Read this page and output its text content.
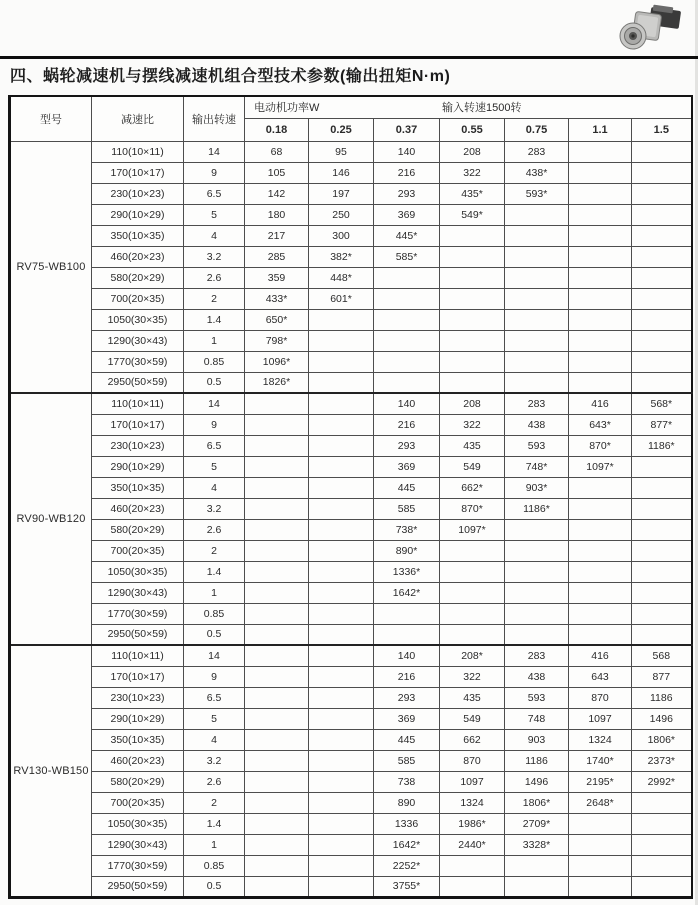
四、蜗轮减速机与摆线减速机组合型技术参数(输出扭矩N·m)
型号	减速比	输出转速	电动机功率W 输入转速1500转						

			0.18	0.25	0.37	0.55	0.75	1.1	1.5
RV75-WB100	110(10×11)	14	68	95	140	208	283		
	170(10×17)	9	105	146	216	322	438*		
	230(10×23)	6.5	142	197	293	435*	593*		
	290(10×29)	5	180	250	369	549*			
	350(10×35)	4	217	300	445*				
	460(20×23)	3.2	285	382*	585*				
	580(20×29)	2.6	359	448*					
	700(20×35)	2	433*	601*					
	1050(30×35)	1.4	650*						
	1290(30×43)	1	798*						
	1770(30×59)	0.85	1096*						
	2950(50×59)	0.5	1826*						
RV90-WB120	110(10×11)	14			140	208	283	416	568*
	170(10×17)	9			216	322	438	643*	877*
	230(10×23)	6.5			293	435	593	870*	1186*
	290(10×29)	5			369	549	748*	1097*	
	350(10×35)	4			445	662*	903*		
	460(20×23)	3.2			585	870*	1186*		
	580(20×29)	2.6			738*	1097*			
	700(20×35)	2			890*				
	1050(30×35)	1.4			1336*				
	1290(30×43)	1			1642*				
	1770(30×59)	0.85							
	2950(50×59)	0.5							
RV130-WB150	110(10×11)	14			140	208*	283	416	568
	170(10×17)	9			216	322	438	643	877
	230(10×23)	6.5			293	435	593	870	1186
	290(10×29)	5			369	549	748	1097	1496
	350(10×35)	4			445	662	903	1324	1806*
	460(20×23)	3.2			585	870	1186	1740*	2373*
	580(20×29)	2.6			738	1097	1496	2195*	2992*
	700(20×35)	2			890	1324	1806*	2648*	
	1050(30×35)	1.4			1336	1986*	2709*		
	1290(30×43)	1			1642*	2440*	3328*		
	1770(30×59)	0.85			2252*				
	2950(50×59)	0.5			3755*				
